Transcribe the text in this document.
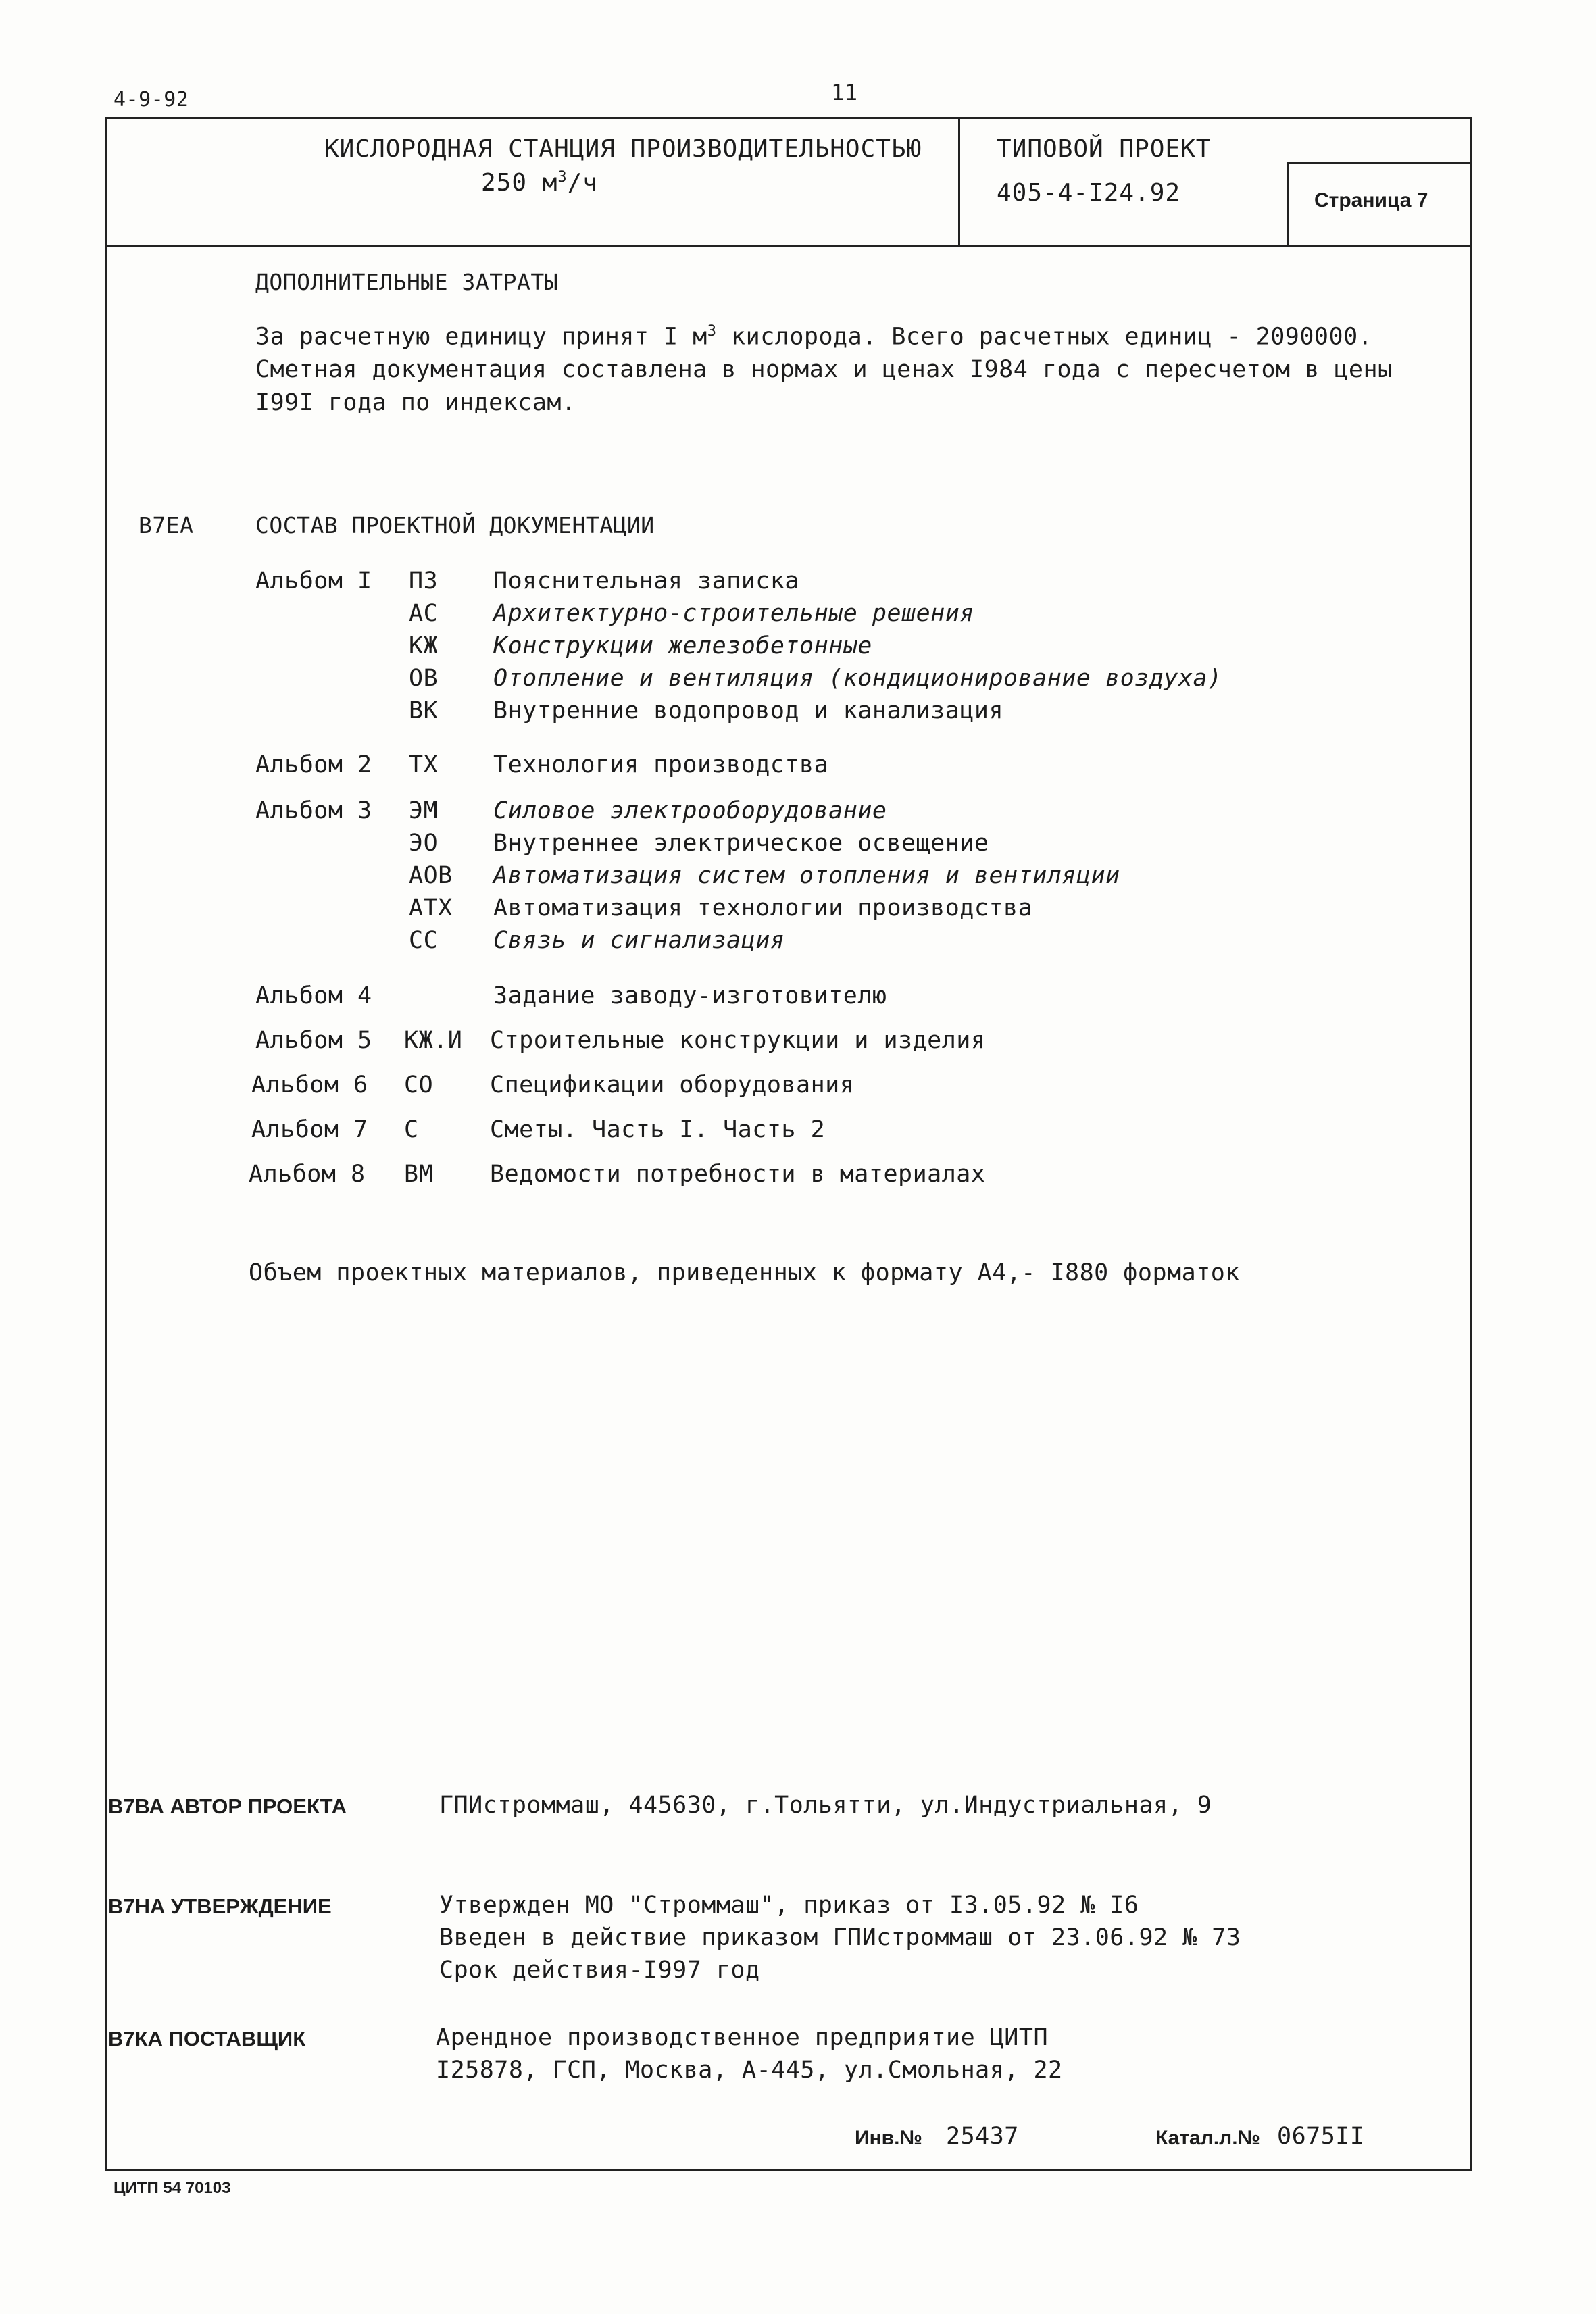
4-9-92	11
КИСЛОРОДНАЯ СТАНЦИЯ ПРОИЗВОДИТЕЛЬНОСТЬЮ
250 $м^3/ч$
ТИПОВОЙ ПРОЕКТ
405-4-I24.92	Страница 7
ДОПОЛНИТЕЛЬНЫЕ ЗАТРАТЫ
За расчетную единицу принят I $м^3$ кислорода. Всего расчетных единиц - 2090000.
Сметная документация составлена в нормах и ценах I984 года с пересчетом в цены
I99I года по индексам.
В7ЕА	СОСТАВ ПРОЕКТНОЙ ДОКУМЕНТАЦИИ
Альбом I ПЗ Пояснительная записка
АС Архитектурно-строительные решения
КЖ Конструкции железобетонные
ОВ Отопление и вентиляция (кондиционирование воздуха)
ВК Внутренние водопровод и канализация
Альбом 2 ТХ Технология производства
Альбом 3 ЭМ Силовое электрооборудование
ЭО Внутреннее электрическое освещение
АОВ Автоматизация систем отопления и вентиляции
АТХ Автоматизация технологии производства
СС Связь и сигнализация
Альбом 4	Задание заводу-изготовителю
Альбом 5 КЖ.И Строительные конструкции и изделия
Альбом 6 СО Спецификации оборудования
Альбом 7 С	Сметы. Часть I. Часть 2
Альбом 8 ВМ Ведомости потребности в материалах
Объем проектных материалов, приведенных к формату А4,- I880 форматок
В7ВА АВТОР ПРОЕКТА	ГПИстроммаш, 445630, г.Тольятти, ул.Индустриальная, 9
В7НА УТВЕРЖДЕНИЕ	Утвержден МО "Строммаш", приказ от I3.05.92 № I6
Введен в действие приказом ГПИстроммаш от 23.06.92 № 73
Срок действия-I997 год
В7КА ПОСТАВЩИК	Арендное производственное предприятие ЦИТП
I25878, ГСП, Москва, А-445, ул.Смольная, 22
Инв.№ 25437	Катал.л.№ 0675II
ЦИТП 54 70103
